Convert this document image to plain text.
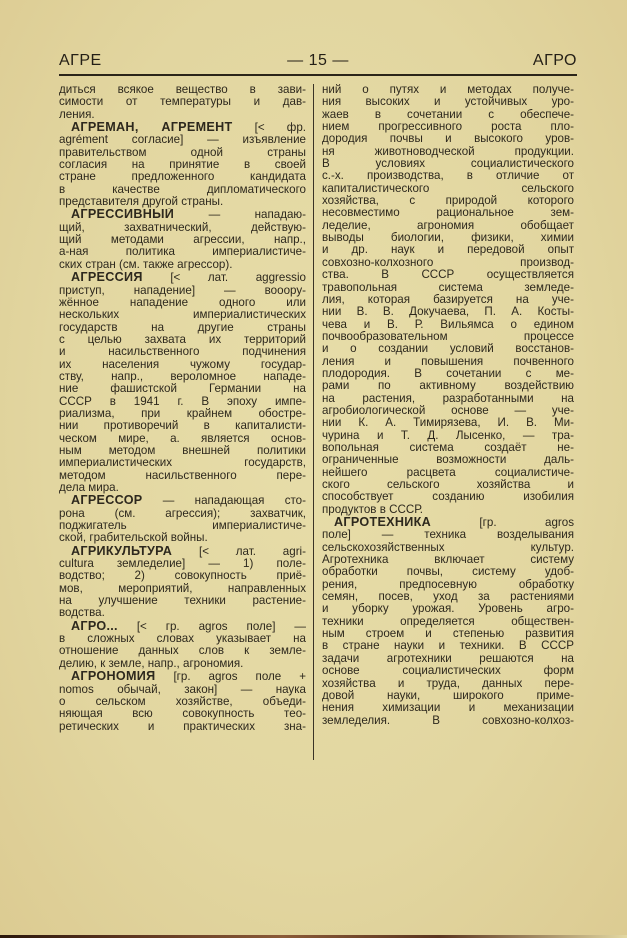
АГРЕ	— 15 —	АГРО
диться всякое вещество в зави-
симости от температуры и дав-
ления.
АГРЕМА́Н, АГРЕМЕ́НТ [< фр.
agrément согласие] — изъявление
правительством одной страны
согласия на принятие в своей
стране предложенного кандидата
в качестве дипломатического
представителя другой страны.
АГРЕССИ́ВНЫЙ — нападаю-
щий, захватнический, действую-
щий методами агрессии, напр.,
а-ная политика империалистиче-
ских стран (см. также агрессор).
АГРЕ́ССИЯ [< лат. aggressio
приступ, нападение] — вооору-
жённое нападение одного или
нескольких империалистических
государств на другие страны
с целью захвата их территорий
и насильственного подчинения
их населения чужому государ-
ству, напр., вероломное нападе-
ние фашистской Германии на
СССР в 1941 г. В эпоху импе-
риализма, при крайнем обостре-
нии противоречий в капиталисти-
ческом мире, а. является основ-
ным методом внешней политики
империалистических государств,
методом насильственного пере-
дела мира.
АГРЕ́ССОР — нападающая сто-
рона (см. агрессия); захватчик,
поджигатель империалистиче-
ской, грабительской войны.
АГРИКУЛЬТУ́РА [< лат. agri-
cultura земледелие] — 1) поле-
водство; 2) совокупность приё-
мов, мероприятий, направленных
на улучшение техники растение-
водства.
АГРО... [< гр. agros поле] —
в сложных словах указывает на
отношение данных слов к земле-
делию, к земле, напр., агрономия.
АГРОНО́МИЯ [гр. agros поле +
nomos обычай, закон] — наука
о сельском хозяйстве, объеди-
няющая всю совокупность тео-
ретических и практических зна-
ний о путях и методах получе-
ния высоких и устойчивых уро-
жаев в сочетании с обеспече-
нием прогрессивного роста пло-
дородия почвы и высокого уров-
ня животноводческой продукции.
В условиях социалистического
с.-х. производства, в отличие от
капиталистического сельского
хозяйства, с природой которого
несовместимо рациональное зем-
леделие, агрономия обобщает
выводы биологии, физики, химии
и др. наук и передовой опыт
совхозно-колхозного производ-
ства. В СССР осуществляется
травопольная система земледе-
лия, которая базируется на уче-
нии В. В. Докучаева, П. А. Косты-
чева и В. Р. Вильямса о едином
почвообразовательном процессе
и о создании условий восстанов-
ления и повышения почвенного
плодородия. В сочетании с ме-
рами по активному воздействию
на растения, разработанными на
агробиологической основе — уче-
нии К. А. Тимирязева, И. В. Ми-
чурина и Т. Д. Лысенко, — тра-
вопольная система создаёт не-
ограниченные возможности даль-
нейшего расцвета социалистиче-
ского сельского хозяйства и
способствует созданию изобилия
продуктов в СССР.
АГРОТЕ́ХНИКА [гр. agros
поле] — техника возделывания
сельскохозяйственных культур.
Агротехника включает систему
обработки почвы, систему удоб-
рения, предпосевную обработку
семян, посев, уход за растениями
и уборку урожая. Уровень агро-
техники определяется обществен-
ным строем и степенью развития
в стране науки и техники. В СССР
задачи агротехники решаются на
основе социалистических форм
хозяйства и труда, данных пере-
довой науки, широкого приме-
нения химизации и механизации
земледелия. В совхозно-колхоз-
